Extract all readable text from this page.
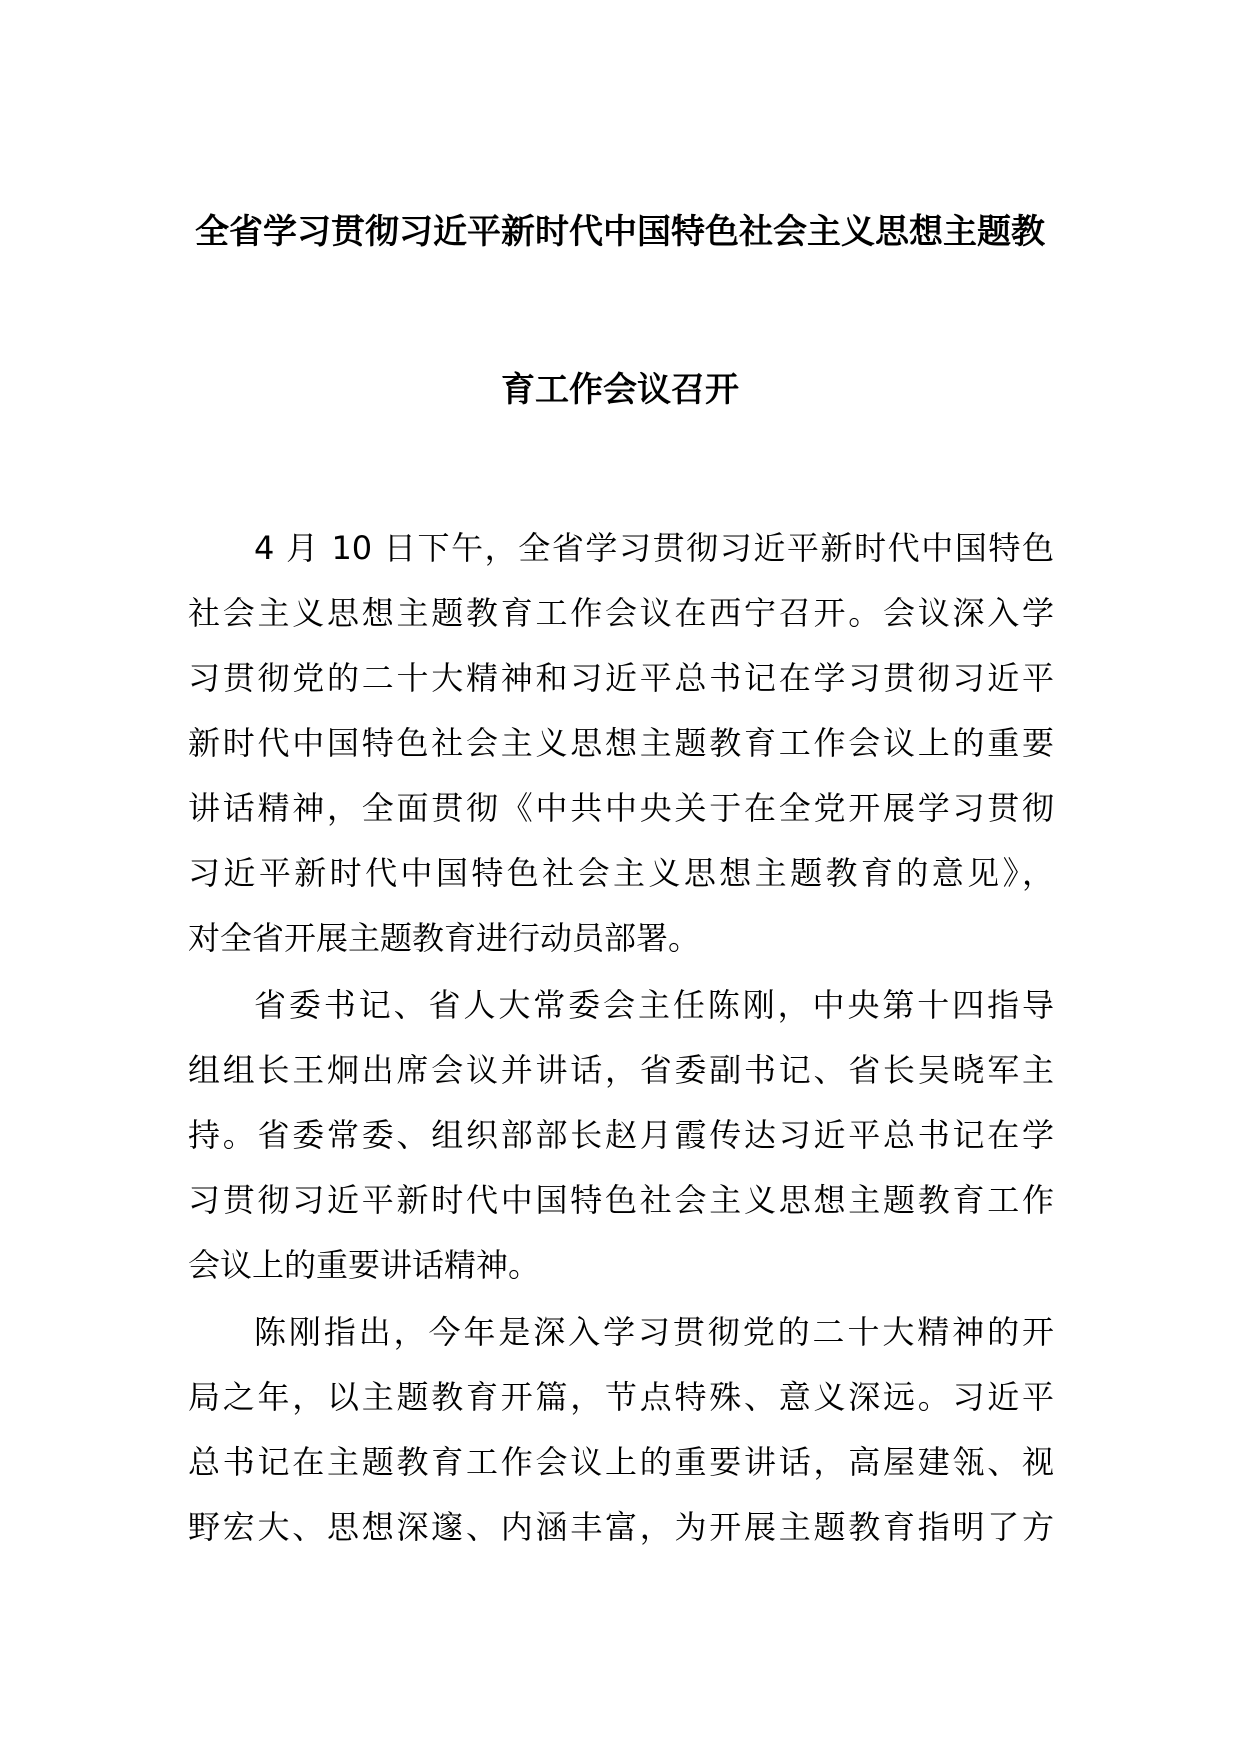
全省学习贯彻习近平新时代中国特色社会主义思想主题教
育工作会议召开
4 月 10 日下午，全省学习贯彻习近平新时代中国特色
社会主义思想主题教育工作会议在西宁召开。会议深入学
习贯彻党的二十大精神和习近平总书记在学习贯彻习近平
新时代中国特色社会主义思想主题教育工作会议上的重要
讲话精神，全面贯彻《中共中央关于在全党开展学习贯彻
习近平新时代中国特色社会主义思想主题教育的意见》，
对全省开展主题教育进行动员部署。
省委书记、省人大常委会主任陈刚，中央第十四指导
组组长王炯出席会议并讲话，省委副书记、省长吴晓军主
持。省委常委、组织部部长赵月霞传达习近平总书记在学
习贯彻习近平新时代中国特色社会主义思想主题教育工作
会议上的重要讲话精神。
陈刚指出，今年是深入学习贯彻党的二十大精神的开
局之年，以主题教育开篇，节点特殊、意义深远。习近平
总书记在主题教育工作会议上的重要讲话，高屋建瓴、视
野宏大、思想深邃、内涵丰富，为开展主题教育指明了方
